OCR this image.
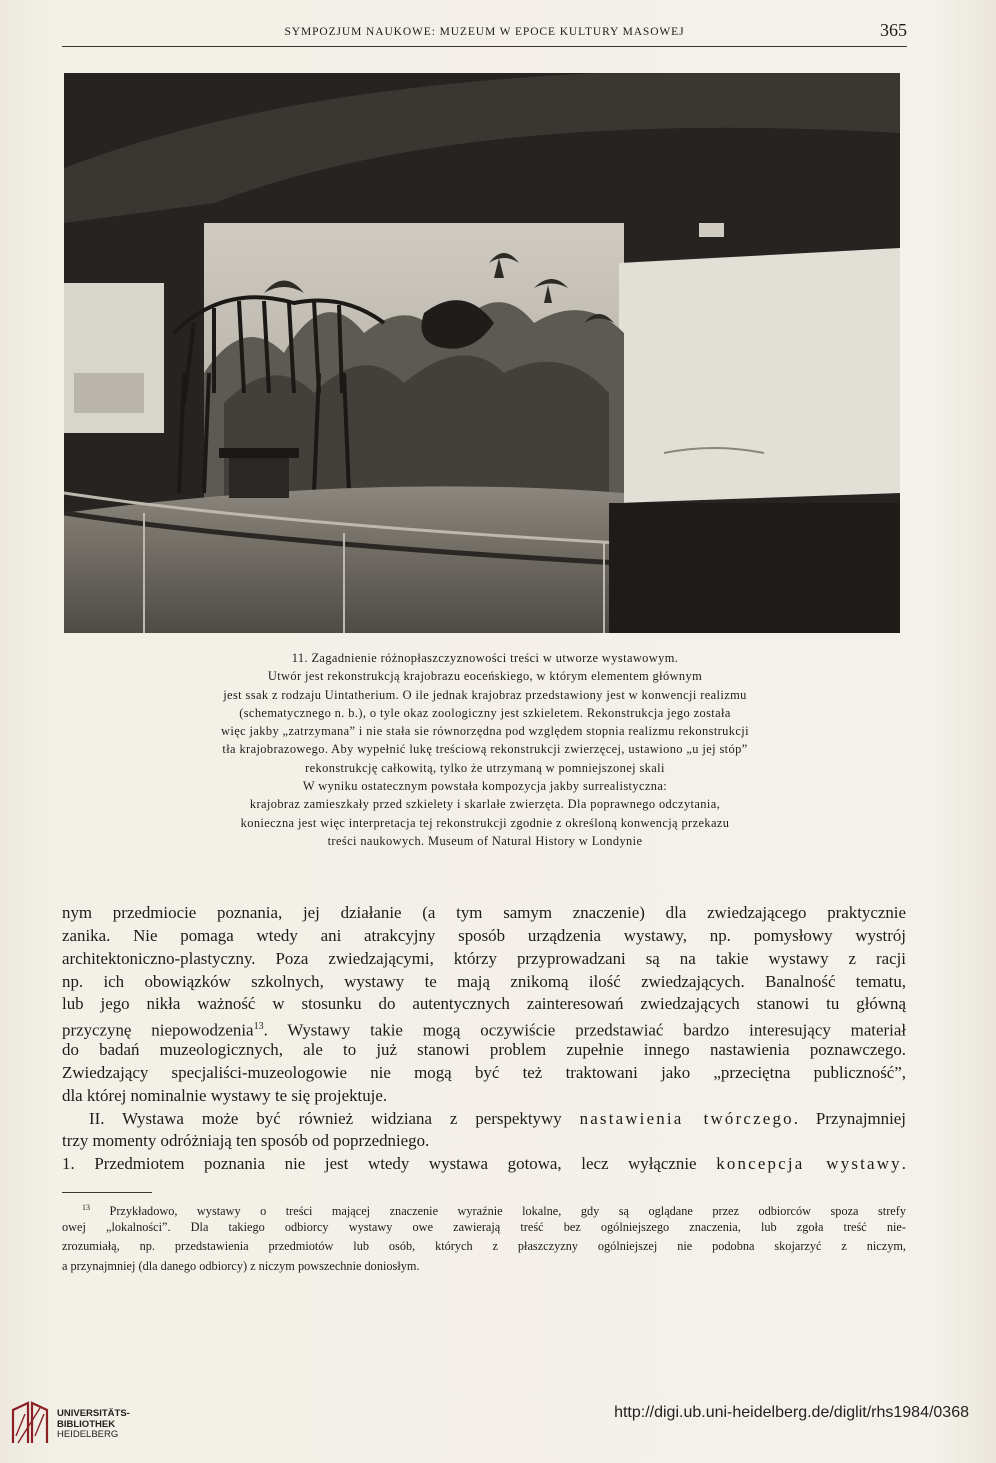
SYMPOZJUM NAUKOWE: MUZEUM W EPOCE KULTURY MASOWEJ	365
11. Zagadnienie różnopłaszczyznowości treści w utworze wystawowym.
Utwór jest rekonstrukcją krajobrazu eoceńskiego, w którym elementem głównym
jest ssak z rodzaju Uintatherium. O ile jednak krajobraz przedstawiony jest w konwencji realizmu
(schematycznego n. b.), o tyle okaz zoologiczny jest szkieletem. Rekonstrukcja jego została
więc jakby „zatrzymana” i nie stała sie równorzędna pod względem stopnia realizmu rekonstrukcji
tła krajobrazowego. Aby wypełnić lukę treściową rekonstrukcji zwierzęcej, ustawiono „u jej stóp”
rekonstrukcję całkowitą, tylko że utrzymaną w pomniejszonej skali
W wyniku ostatecznym powstała kompozycja jakby surrealistyczna:
krajobraz zamieszkały przed szkielety i skarlałe zwierzęta. Dla poprawnego odczytania,
konieczna jest więc interpretacja tej rekonstrukcji zgodnie z określoną konwencją przekazu
treści naukowych. Museum of Natural History w Londynie
nym przedmiocie poznania, jej działanie (a tym samym znaczenie) dla zwiedzającego praktycznie
zanika. Nie pomaga wtedy ani atrakcyjny sposób urządzenia wystawy, np. pomysłowy wystrój
architektoniczno-plastyczny. Poza zwiedzającymi, którzy przyprowadzani są na takie wystawy z racji
np. ich obowiązków szkolnych, wystawy te mają znikomą ilość zwiedzających. Banalność tematu,
lub jego nikła ważność w stosunku do autentycznych zainteresowań zwiedzających stanowi tu główną
przyczynę niepowodzenia$^{13}$. Wystawy takie mogą oczywiście przedstawiać bardzo interesujący materiał
do badań muzeologicznych, ale to już stanowi problem zupełnie innego nastawienia poznawczego.
Zwiedzający specjaliści-muzeologowie nie mogą być też traktowani jako „przeciętna publiczność”,
dla której nominalnie wystawy te się projektuje.
II. Wystawa może być również widziana z perspektywy nastawienia twórczego. Przynajmniej
trzy momenty odróżniają ten sposób od poprzedniego.
1. Przedmiotem poznania nie jest wtedy wystawa gotowa, lecz wyłącznie koncepcja wystawy.
$^{13}$ Przykładowo, wystawy o treści mającej znaczenie wyraźnie lokalne, gdy są oglądane przez odbiorców spoza strefy
owej „lokalności”. Dla takiego odbiorcy wystawy owe zawierają treść bez ogólniejszego znaczenia, lub zgoła treść nie-
zrozumiałą, np. przedstawienia przedmiotów lub osób, których z płaszczyzny ogólniejszej nie podobna skojarzyć z niczym,
a przynajmniej (dla danego odbiorcy) z niczym powszechnie doniosłym.
UNIVERSITÄTS-
BIBLIOTHEK
HEIDELBERG
http://digi.ub.uni-heidelberg.de/diglit/rhs1984/0368
